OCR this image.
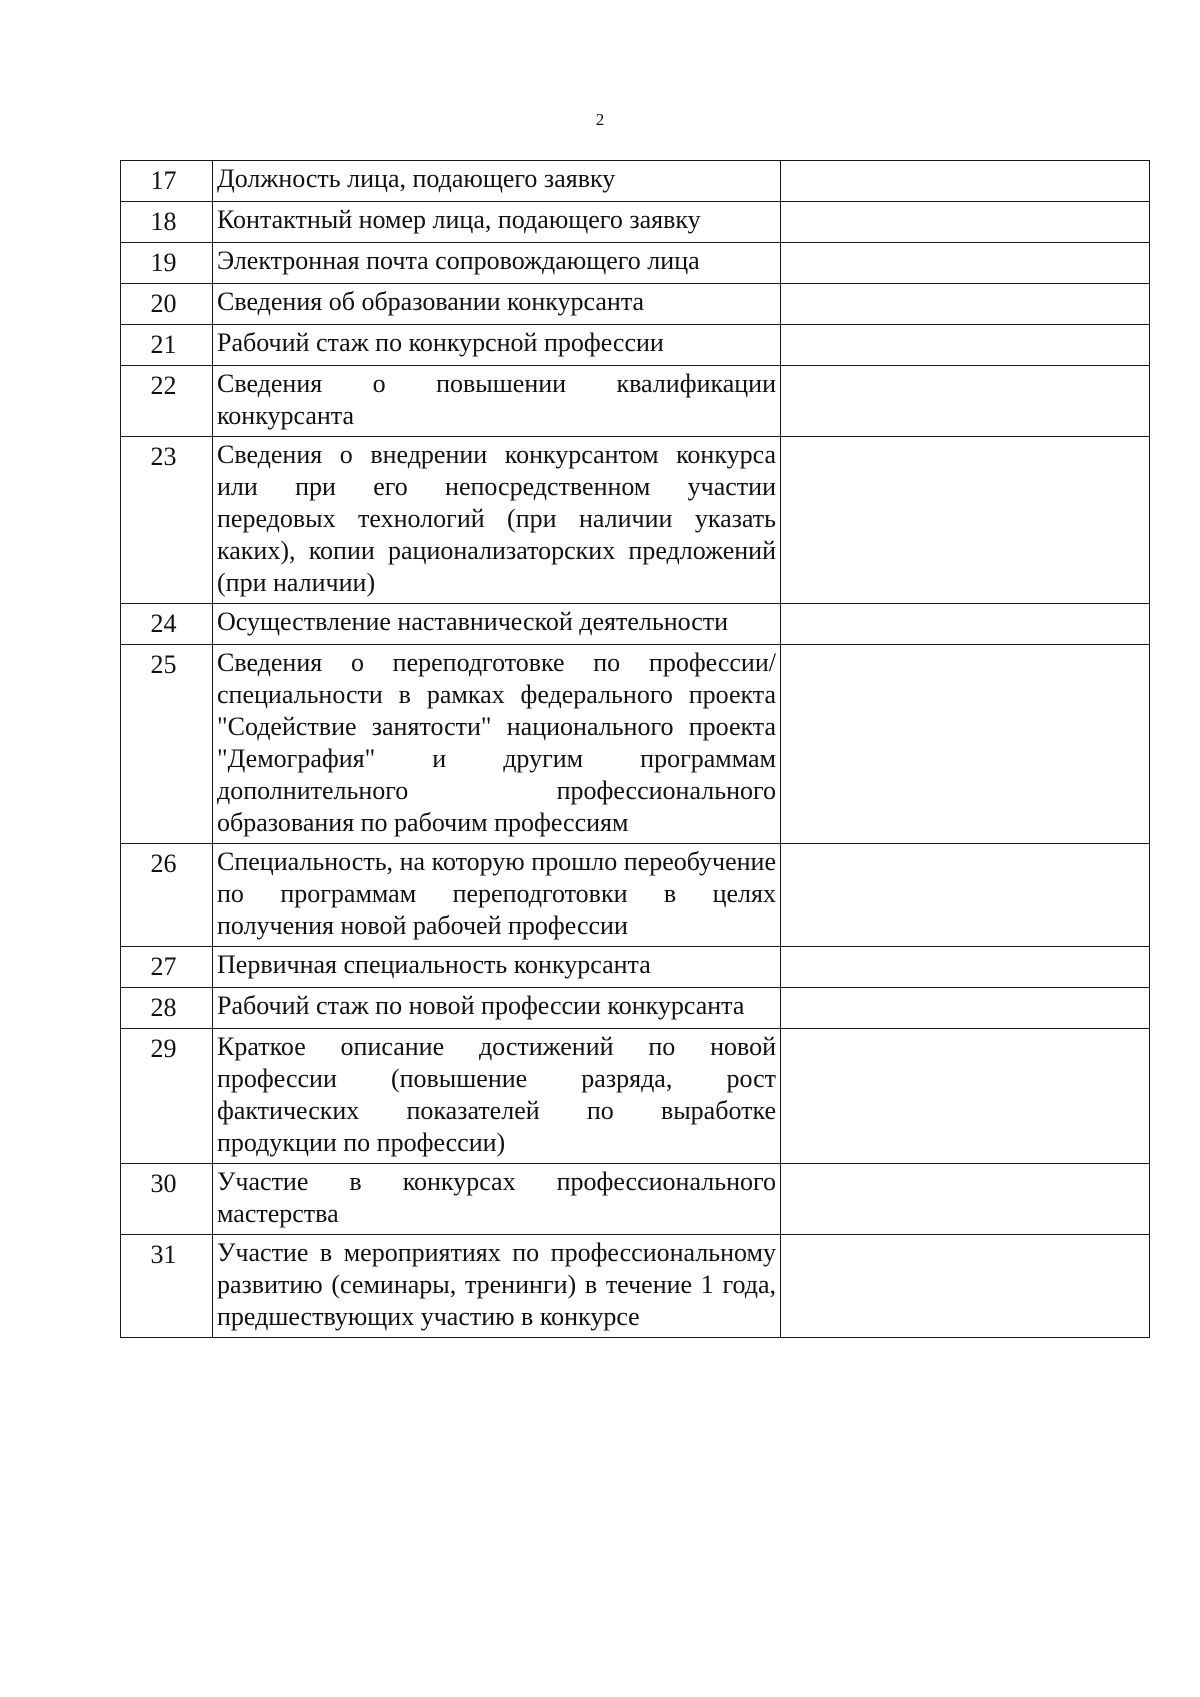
2
17	Должность лица, подающего заявку	
18	Контактный номер лица, подающего заявку	
19	Электронная почта сопровождающего лица	
20	Сведения об образовании конкурсанта	
21	Рабочий стаж по конкурсной профессии	
22	Сведения о повышении квалификации конкурсанта	
23	Сведения о внедрении конкурсантом конкурса или при его непосредственном участии передовых технологий (при наличии указать каких), копии рационализаторских предложений (при наличии)	
24	Осуществление наставнической деятельности	
25	Сведения о переподготовке по профессии/специальности в рамках федерального проекта "Содействие занятости" национального проекта "Демография" и другим программам дополнительного профессионального образования по рабочим профессиям	
26	Специальность, на которую прошло переобучение по программам переподготовки в целях получения новой рабочей профессии	
27	Первичная специальность конкурсанта	
28	Рабочий стаж по новой профессии конкурсанта	
29	Краткое описание достижений по новой профессии (повышение разряда, рост фактических показателей по выработке продукции по профессии)	
30	Участие в конкурсах профессионального мастерства	
31	Участие в мероприятиях по профессиональному развитию (семинары, тренинги) в течение 1 года, предшествующих участию в конкурсе	
